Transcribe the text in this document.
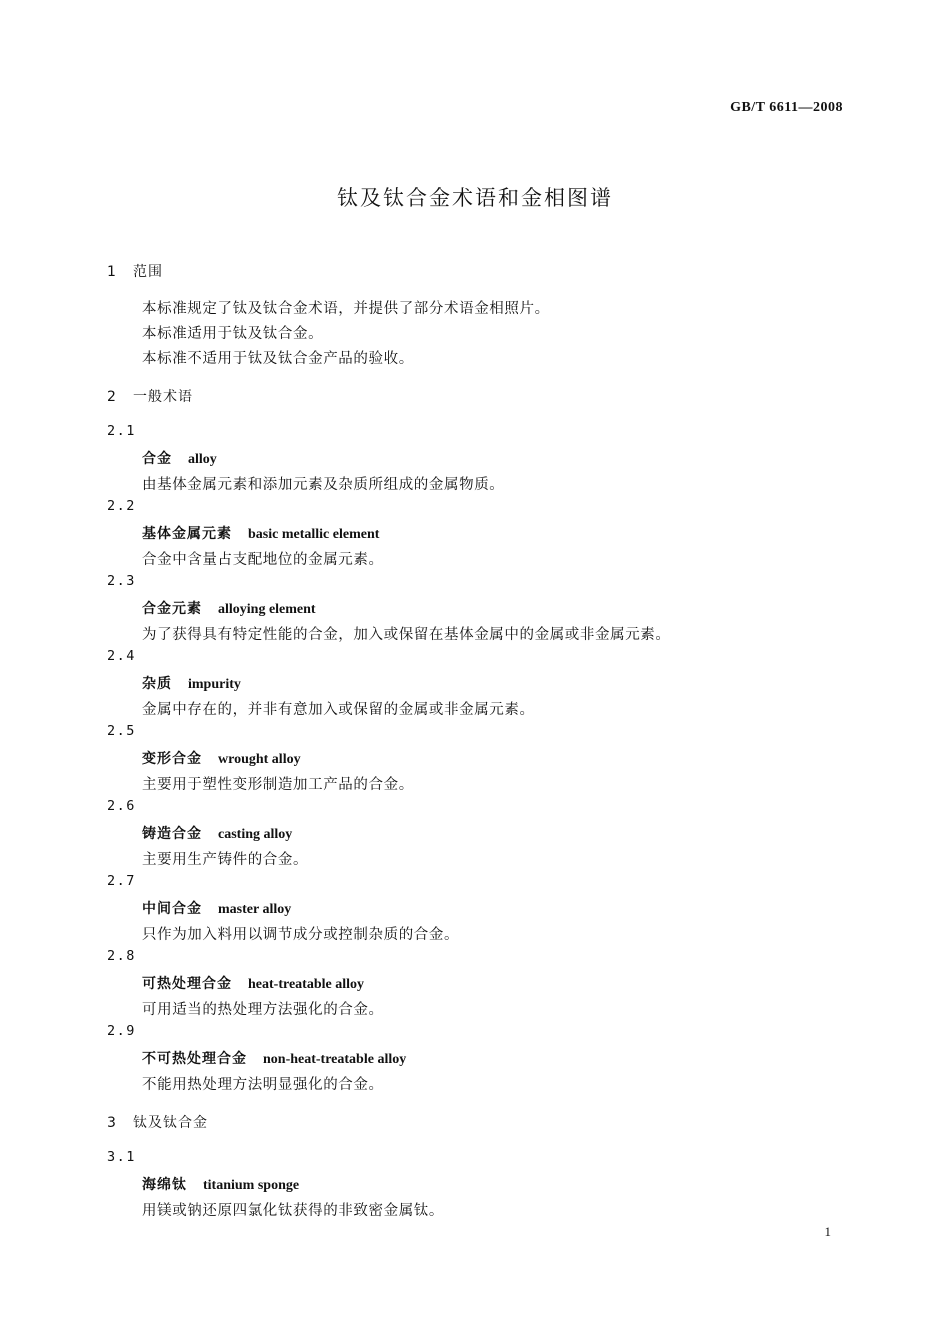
GB/T 6611—2008
钛及钛合金术语和金相图谱
1 范围
本标准规定了钛及钛合金术语，并提供了部分术语金相照片。
本标准适用于钛及钛合金。
本标准不适用于钛及钛合金产品的验收。
2 一般术语
2.1
合金 alloy
由基体金属元素和添加元素及杂质所组成的金属物质。
2.2
基体金属元素 basic metallic element
合金中含量占支配地位的金属元素。
2.3
合金元素 alloying element
为了获得具有特定性能的合金，加入或保留在基体金属中的金属或非金属元素。
2.4
杂质 impurity
金属中存在的，并非有意加入或保留的金属或非金属元素。
2.5
变形合金 wrought alloy
主要用于塑性变形制造加工产品的合金。
2.6
铸造合金 casting alloy
主要用生产铸件的合金。
2.7
中间合金 master alloy
只作为加入料用以调节成分或控制杂质的合金。
2.8
可热处理合金 heat-treatable alloy
可用适当的热处理方法强化的合金。
2.9
不可热处理合金 non-heat-treatable alloy
不能用热处理方法明显强化的合金。
3 钛及钛合金
3.1
海绵钛 titanium sponge
用镁或钠还原四氯化钛获得的非致密金属钛。
1
